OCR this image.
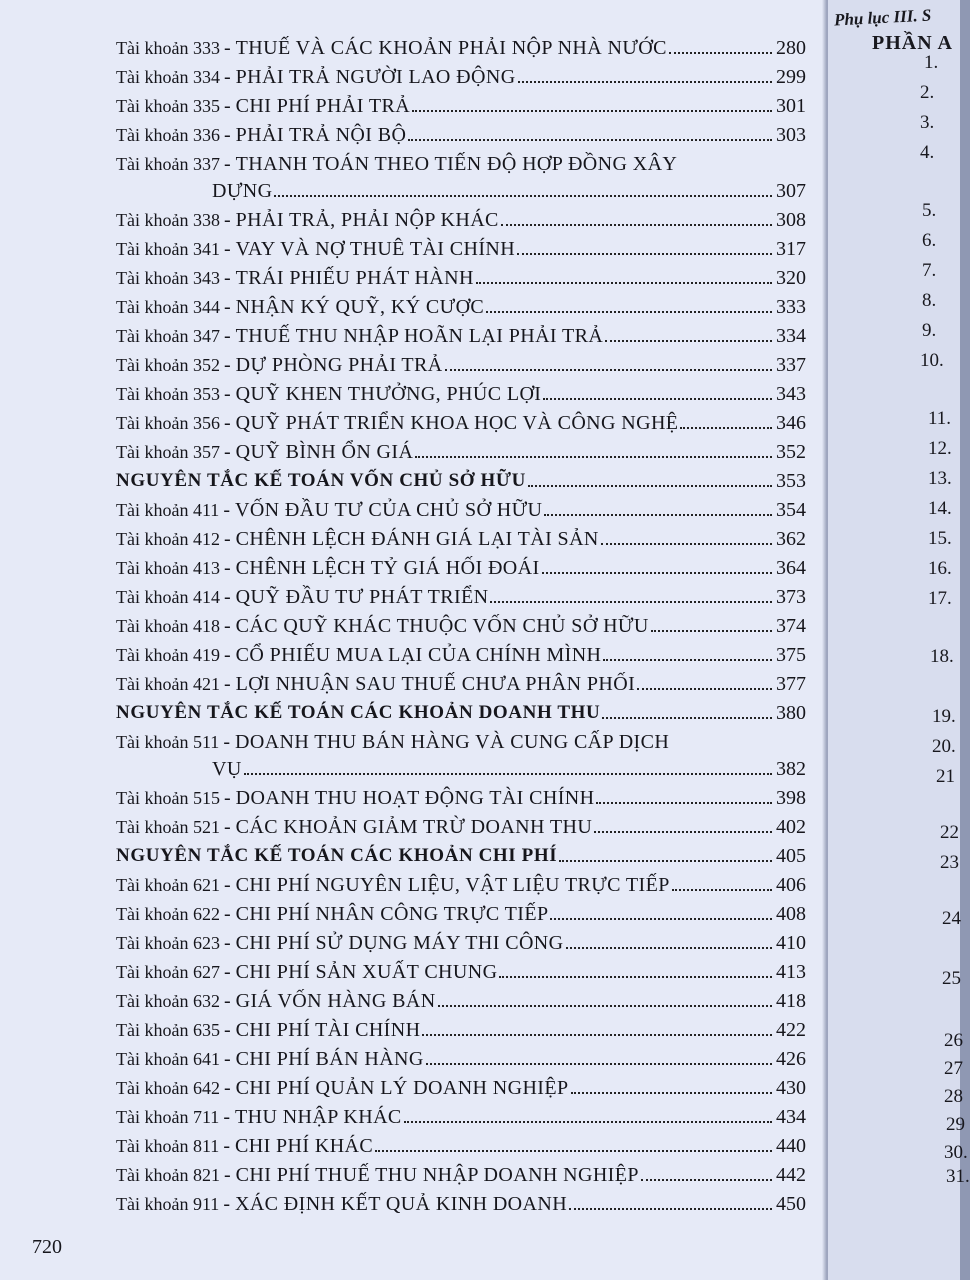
Tài khoản 333 - THUẾ VÀ CÁC KHOẢN PHẢI NỘP NHÀ NƯỚC	280
Tài khoản 334 - PHẢI TRẢ NGƯỜI LAO ĐỘNG	299
Tài khoản 335 - CHI PHÍ PHẢI TRẢ	301
Tài khoản 336 - PHẢI TRẢ NỘI BỘ	303
Tài khoản 337 - THANH TOÁN THEO TIẾN ĐỘ HỢP ĐỒNG XÂY
DỰNG	307
Tài khoản 338 - PHẢI TRẢ, PHẢI NỘP KHÁC	308
Tài khoản 341 - VAY VÀ NỢ THUÊ TÀI CHÍNH	317
Tài khoản 343 - TRÁI PHIẾU PHÁT HÀNH	320
Tài khoản 344 - NHẬN KÝ QUỸ, KÝ CƯỢC	333
Tài khoản 347 - THUẾ THU NHẬP HOÃN LẠI PHẢI TRẢ	334
Tài khoản 352 - DỰ PHÒNG PHẢI TRẢ	337
Tài khoản 353 - QUỸ KHEN THƯỞNG, PHÚC LỢI	343
Tài khoản 356 - QUỸ PHÁT TRIỂN KHOA HỌC VÀ CÔNG NGHỆ	346
Tài khoản 357 - QUỸ BÌNH ỔN GIÁ	352
NGUYÊN TẮC KẾ TOÁN VỐN CHỦ SỞ HỮU	353
Tài khoản 411 - VỐN ĐẦU TƯ CỦA CHỦ SỞ HỮU	354
Tài khoản 412 - CHÊNH LỆCH ĐÁNH GIÁ LẠI TÀI SẢN	362
Tài khoản 413 - CHÊNH LỆCH TỶ GIÁ HỐI ĐOÁI	364
Tài khoản 414 - QUỸ ĐẦU TƯ PHÁT TRIỂN	373
Tài khoản 418 - CÁC QUỸ KHÁC THUỘC VỐN CHỦ SỞ HỮU	374
Tài khoản 419 - CỔ PHIẾU MUA LẠI CỦA CHÍNH MÌNH	375
Tài khoản 421 - LỢI NHUẬN SAU THUẾ CHƯA PHÂN PHỐI	377
NGUYÊN TẮC KẾ TOÁN CÁC KHOẢN DOANH THU	380
Tài khoản 511 - DOANH THU BÁN HÀNG VÀ CUNG CẤP DỊCH
VỤ	382
Tài khoản 515 - DOANH THU HOẠT ĐỘNG TÀI CHÍNH	398
Tài khoản 521 - CÁC KHOẢN GIẢM TRỪ DOANH THU	402
NGUYÊN TẮC KẾ TOÁN CÁC KHOẢN CHI PHÍ	405
Tài khoản 621 - CHI PHÍ NGUYÊN LIỆU, VẬT LIỆU TRỰC TIẾP	406
Tài khoản 622 - CHI PHÍ NHÂN CÔNG TRỰC TIẾP	408
Tài khoản 623 - CHI PHÍ SỬ DỤNG MÁY THI CÔNG	410
Tài khoản 627 - CHI PHÍ SẢN XUẤT CHUNG	413
Tài khoản 632 - GIÁ VỐN HÀNG BÁN	418
Tài khoản 635 - CHI PHÍ TÀI CHÍNH	422
Tài khoản 641 - CHI PHÍ BÁN HÀNG	426
Tài khoản 642 - CHI PHÍ QUẢN LÝ DOANH NGHIỆP	430
Tài khoản 711 - THU NHẬP KHÁC	434
Tài khoản 811 - CHI PHÍ KHÁC	440
Tài khoản 821 - CHI PHÍ THUẾ THU NHẬP DOANH NGHIỆP	442
Tài khoản 911 - XÁC ĐỊNH KẾT QUẢ KINH DOANH	450
720
Phụ lục III. S
PHẦN A
1.
2.
3.
4.
5.
6.
7.
8.
9.
10.
11.
12.
13.
14.
15.
16.
17.
18.
19.
20.
21
22
23
24
25
26
27
28
29
30.
31.
